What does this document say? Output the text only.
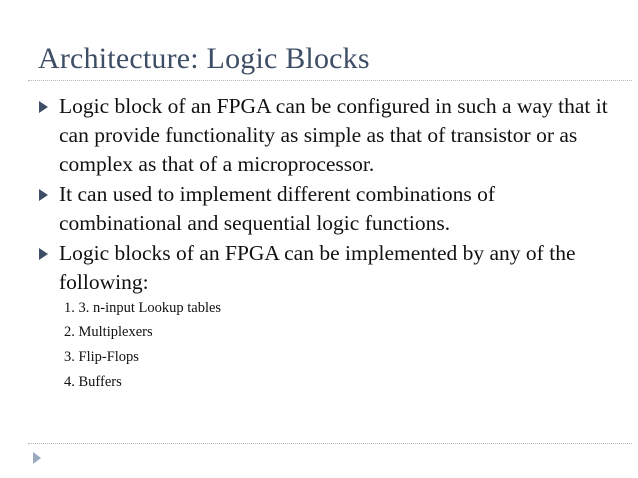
Architecture: Logic Blocks
Logic block of an FPGA can be configured in such a way that it can provide functionality as simple as that of transistor or as complex as that of a microprocessor.
It can used to implement different combinations of combinational and sequential logic functions.
Logic blocks of an FPGA can be implemented by any of the following:
1. 3. n-input Lookup tables
2. Multiplexers
3. Flip-Flops
4. Buffers
